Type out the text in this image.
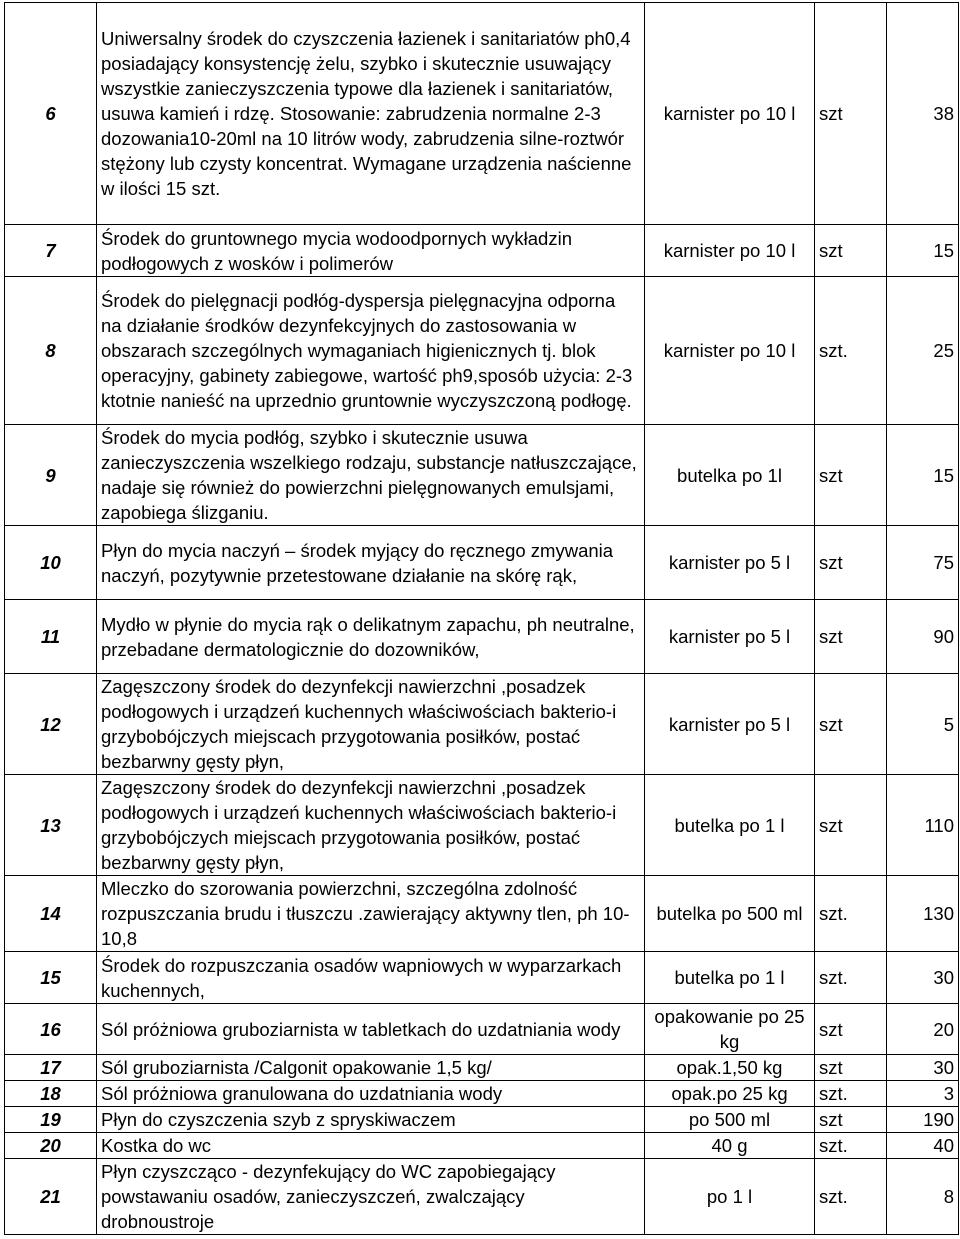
6	Uniwersalny środek do czyszczenia łazienek i sanitariatów ph0,4 posiadający konsystencję żelu, szybko i skutecznie usuwający wszystkie zanieczyszczenia typowe dla łazienek i sanitariatów, usuwa kamień i rdzę. Stosowanie: zabrudzenia normalne 2-3 dozowania10-20ml na 10 litrów wody, zabrudzenia silne-roztwór stężony lub czysty koncentrat. Wymagane urządzenia naścienne w ilości 15 szt.	karnister po 10 l	szt	38
7	Środek do gruntownego mycia wodoodpornych wykładzin podłogowych z wosków i polimerów	karnister po 10 l	szt	15
8	Środek do pielęgnacji podłóg-dyspersja pielęgnacyjna odporna na działanie środków dezynfekcyjnych do zastosowania w obszarach szczególnych wymaganiach higienicznych tj. blok operacyjny, gabinety zabiegowe, wartość ph9,sposób użycia: 2-3 ktotnie nanieść na uprzednio gruntownie wyczyszczoną podłogę.	karnister po 10 l	szt.	25
9	Środek do mycia podłóg, szybko i skutecznie usuwa zanieczyszczenia wszelkiego rodzaju, substancje natłuszczające, nadaje się również do powierzchni pielęgnowanych emulsjami, zapobiega ślizganiu.	butelka po 1l	szt	15
10	Płyn do mycia naczyń – środek myjący do ręcznego zmywania naczyń, pozytywnie przetestowane działanie na skórę rąk,	karnister po 5 l	szt	75
11	Mydło w płynie do mycia rąk o delikatnym zapachu, ph neutralne, przebadane dermatologicznie do dozowników,	karnister po 5 l	szt	90
12	Zagęszczony środek do dezynfekcji nawierzchni ,posadzek podłogowych i urządzeń kuchennych właściwościach bakterio-i grzybobójczych miejscach przygotowania posiłków, postać bezbarwny gęsty płyn,	karnister po 5 l	szt	5
13	Zagęszczony środek do dezynfekcji nawierzchni ,posadzek podłogowych i urządzeń kuchennych właściwościach bakterio-i grzybobójczych miejscach przygotowania posiłków, postać bezbarwny gęsty płyn,	butelka po 1 l	szt	110
14	Mleczko do szorowania powierzchni, szczególna zdolność rozpuszczania brudu i tłuszczu .zawierający aktywny tlen, ph 10-10,8	butelka po 500 ml	szt.	130
15	Środek do rozpuszczania osadów wapniowych w wyparzarkach kuchennych,	butelka po 1 l	szt.	30
16	Sól próżniowa gruboziarnista w tabletkach do uzdatniania wody	opakowanie po 25 kg	szt	20
17	Sól gruboziarnista /Calgonit opakowanie 1,5 kg/	opak.1,50 kg	szt	30
18	Sól próżniowa granulowana do uzdatniania wody	opak.po 25 kg	szt.	3
19	Płyn do czyszczenia szyb z spryskiwaczem	po 500 ml	szt	190
20	Kostka do wc	40 g	szt.	40
21	Płyn czyszcząco - dezynfekujący do WC zapobiegający powstawaniu osadów, zanieczyszczeń, zwalczający drobnoustroje	po 1 l	szt.	8
